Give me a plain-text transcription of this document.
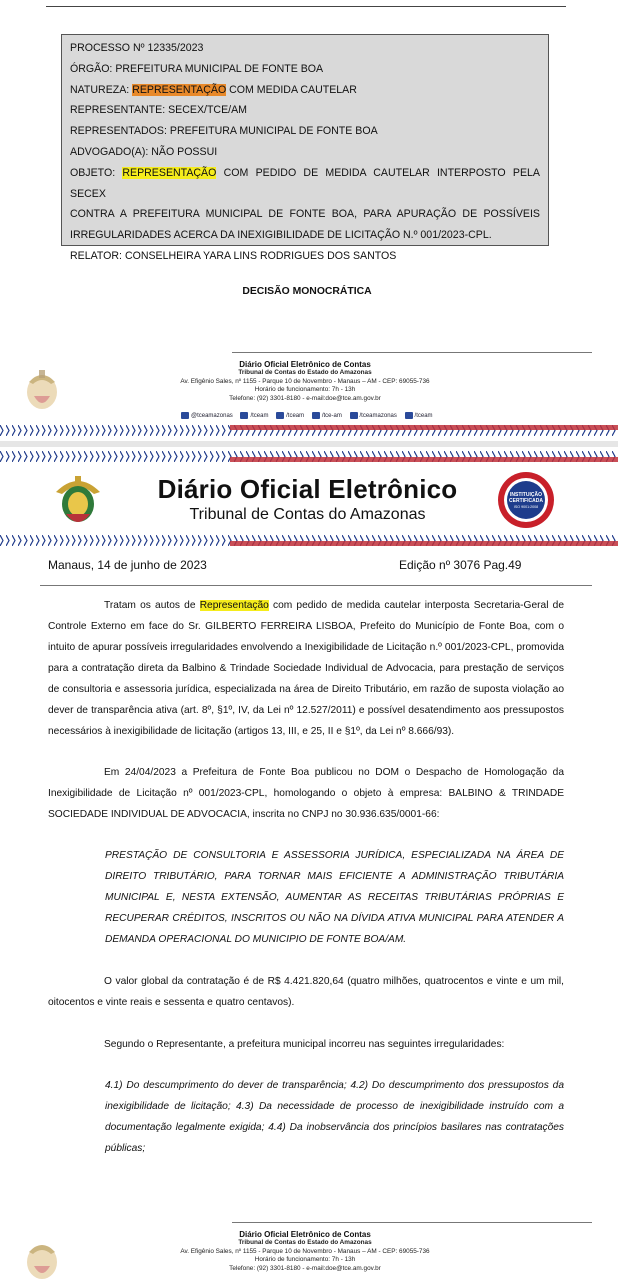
PROCESSO Nº 12335/2023
ÓRGÃO: PREFEITURA MUNICIPAL DE FONTE BOA
NATUREZA: REPRESENTAÇÃO COM MEDIDA CAUTELAR
REPRESENTANTE: SECEX/TCE/AM
REPRESENTADOS: PREFEITURA MUNICIPAL DE FONTE BOA
ADVOGADO(A): NÃO POSSUI
OBJETO: REPRESENTAÇÃO COM PEDIDO DE MEDIDA CAUTELAR INTERPOSTO PELA SECEX
CONTRA A PREFEITURA MUNICIPAL DE FONTE BOA, PARA APURAÇÃO DE POSSÍVEIS
IRREGULARIDADES ACERCA DA INEXIGIBILIDADE DE LICITAÇÃO N.º 001/2023-CPL.
RELATOR: CONSELHEIRA YARA LINS RODRIGUES DOS SANTOS
DECISÃO MONOCRÁTICA
Diário Oficial Eletrônico de Contas
Tribunal de Contas do Estado do Amazonas
Av. Efigênio Sales, nº 1155 - Parque 10 de Novembro - Manaus – AM - CEP: 69055-736
Horário de funcionamento: 7h - 13h
Telefone: (92) 3301-8180 - e-mail:doe@tce.am.gov.br
@tceamazonas	/tceam	/tceam	/tce-am	/tceamazonas	/tceam
Diário Oficial Eletrônico
Tribunal de Contas do Amazonas
INSTITUIÇÃO
CERTIFICADA
ISO 9001:2008
Manaus, 14 de junho de 2023	Edição nº 3076 Pag.49
Tratam os autos de Representação com pedido de medida cautelar interposta Secretaria-Geral de Controle Externo em face do Sr. GILBERTO FERREIRA LISBOA, Prefeito do Município de Fonte Boa, com o intuito de apurar possíveis irregularidades envolvendo a Inexigibilidade de Licitação n.º 001/2023-CPL, promovida para a contratação direta da Balbino & Trindade Sociedade Individual de Advocacia, para prestação de serviços de consultoria e assessoria jurídica, especializada na área de Direito Tributário, em razão de suposta violação ao dever de transparência ativa (art. 8º, §1º, IV, da Lei nº 12.527/2011) e possível desatendimento aos pressupostos necessários à inexigibilidade de licitação (artigos 13, III, e 25, II e §1º, da Lei nº 8.666/93).
Em 24/04/2023 a Prefeitura de Fonte Boa publicou no DOM o Despacho de Homologação da Inexigibilidade de Licitação nº 001/2023-CPL, homologando o objeto à empresa: BALBINO & TRINDADE SOCIEDADE INDIVIDUAL DE ADVOCACIA, inscrita no CNPJ no 30.936.635/0001-66:
PRESTAÇÃO DE CONSULTORIA E ASSESSORIA JURÍDICA, ESPECIALIZADA NA ÁREA DE DIREITO TRIBUTÁRIO, PARA TORNAR MAIS EFICIENTE A ADMINISTRAÇÃO TRIBUTÁRIA MUNICIPAL E, NESTA EXTENSÃO, AUMENTAR AS RECEITAS TRIBUTÁRIAS PRÓPRIAS E RECUPERAR CRÉDITOS, INSCRITOS OU NÃO NA DÍVIDA ATIVA MUNICIPAL PARA ATENDER A DEMANDA OPERACIONAL DO MUNICIPIO DE FONTE BOA/AM.
O valor global da contratação é de R$ 4.421.820,64 (quatro milhões, quatrocentos e vinte e um mil, oitocentos e vinte reais e sessenta e quatro centavos).
Segundo o Representante, a prefeitura municipal incorreu nas seguintes irregularidades:
4.1) Do descumprimento do dever de transparência; 4.2) Do descumprimento dos pressupostos da inexigibilidade de licitação; 4.3) Da necessidade de processo de inexigibilidade instruído com a documentação legalmente exigida; 4.4) Da inobservância dos princípios basilares nas contratações públicas;
Diário Oficial Eletrônico de Contas
Tribunal de Contas do Estado do Amazonas
Av. Efigênio Sales, nº 1155 - Parque 10 de Novembro - Manaus – AM - CEP: 69055-736
Horário de funcionamento: 7h - 13h
Telefone: (92) 3301-8180 - e-mail:doe@tce.am.gov.br
